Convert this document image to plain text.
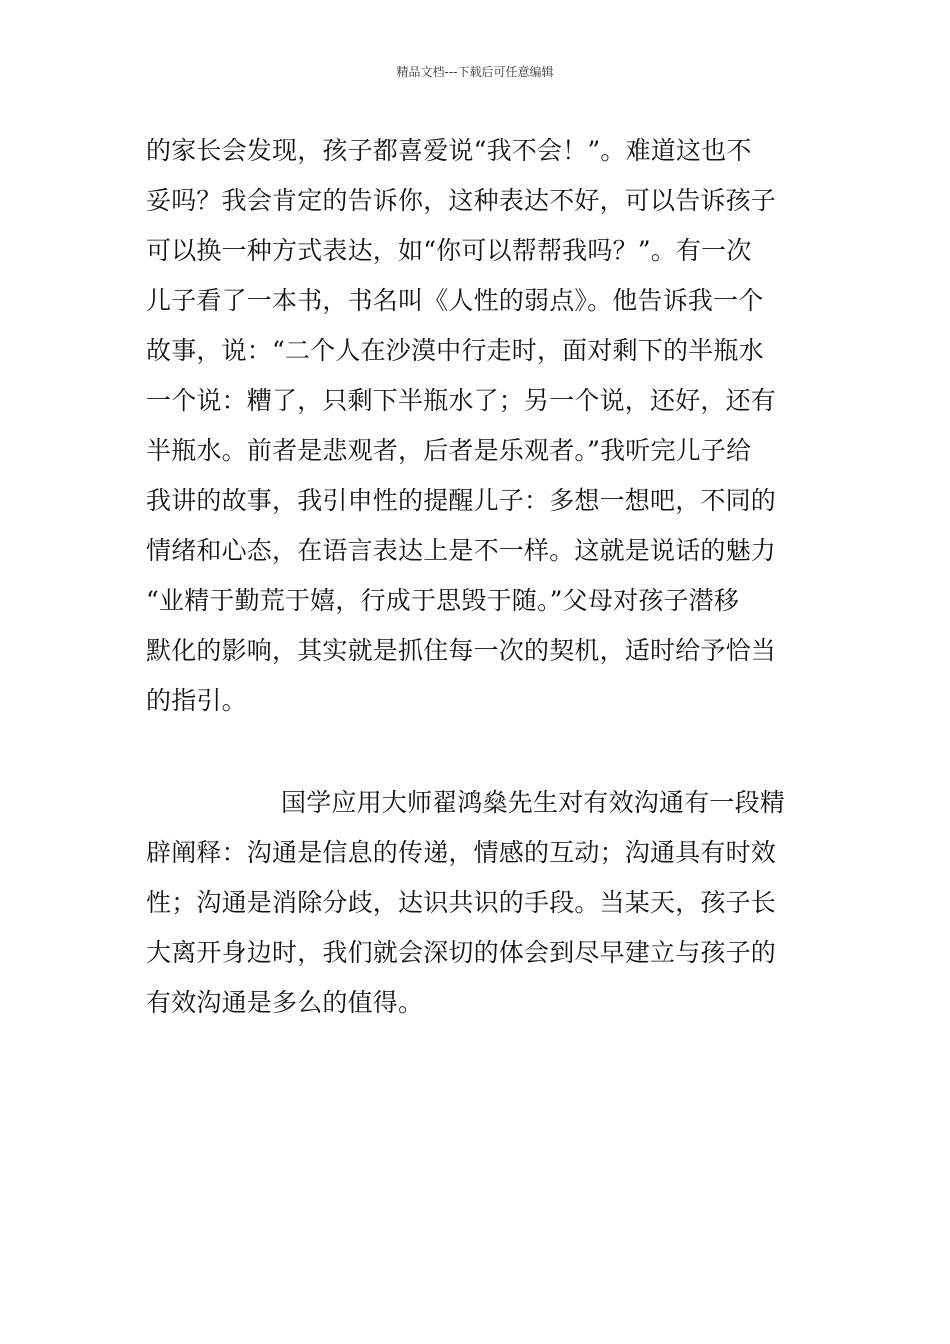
精品文档---下载后可任意编辑
的家长会发现，孩子都喜爱说“我不会！”。难道这也不
妥吗？我会肯定的告诉你，这种表达不好，可以告诉孩子
可以换一种方式表达，如“你可以帮帮我吗？”。有一次
儿子看了一本书，书名叫《人性的弱点》。他告诉我一个
故事，说：“二个人在沙漠中行走时，面对剩下的半瓶水
一个说：糟了，只剩下半瓶水了；另一个说，还好，还有
半瓶水。前者是悲观者，后者是乐观者。”我听完儿子给
我讲的故事，我引申性的提醒儿子：多想一想吧，不同的
情绪和心态，在语言表达上是不一样。这就是说话的魅力
“业精于勤荒于嬉，行成于思毁于随。”父母对孩子潜移
默化的影响，其实就是抓住每一次的契机，适时给予恰当
的指引。
国学应用大师翟鸿燊先生对有效沟通有一段精
辟阐释：沟通是信息的传递，情感的互动；沟通具有时效
性；沟通是消除分歧，达识共识的手段。当某天，孩子长
大离开身边时，我们就会深切的体会到尽早建立与孩子的
有效沟通是多么的值得。
